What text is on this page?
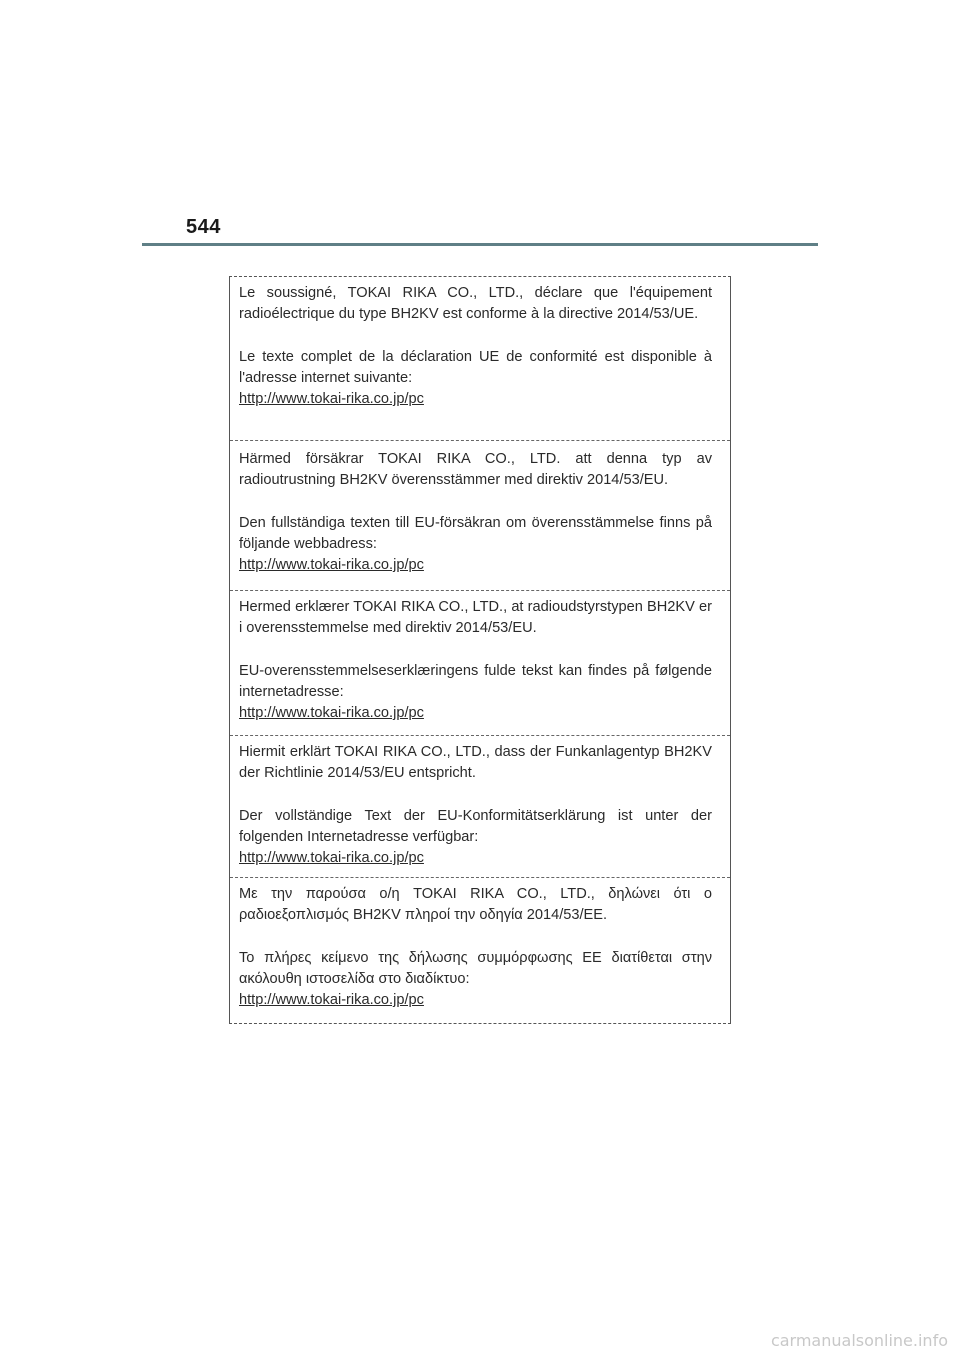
544

Le soussigné, TOKAI RIKA CO., LTD., déclare que l'équipement radioélectrique du type BH2KV est conforme à la directive 2014/53/UE.

Le texte complet de la déclaration UE de conformité est disponible à l'adresse internet suivante:

http://www.tokai-rika.co.jp/pc

Härmed försäkrar TOKAI RIKA CO., LTD. att denna typ av radioutrustning BH2KV överensstämmer med direktiv 2014/53/EU.

Den fullständiga texten till EU-försäkran om överensstämmelse finns på följande webbadress:

http://www.tokai-rika.co.jp/pc

Hermed erklærer TOKAI RIKA CO., LTD., at radioudstyrstypen BH2KV er i overensstemmelse med direktiv 2014/53/EU.

EU-overensstemmelseserklæringens fulde tekst kan findes på følgende internetadresse:

http://www.tokai-rika.co.jp/pc

Hiermit erklärt TOKAI RIKA CO., LTD., dass der Funkanlagentyp BH2KV der Richtlinie 2014/53/EU entspricht.

Der vollständige Text der EU-Konformitätserklärung ist unter der folgenden Internetadresse verfügbar:

http://www.tokai-rika.co.jp/pc

Με την παρούσα ο/η TOKAI RIKA CO., LTD., δηλώνει ότι ο ραδιοεξοπλισμός BH2KV πληροί την οδηγία 2014/53/ΕΕ.

Το πλήρες κείμενο της δήλωσης συμμόρφωσης ΕΕ διατίθεται στην ακόλουθη ιστοσελίδα στο διαδίκτυο:

http://www.tokai-rika.co.jp/pc
carmanualsonline.info
